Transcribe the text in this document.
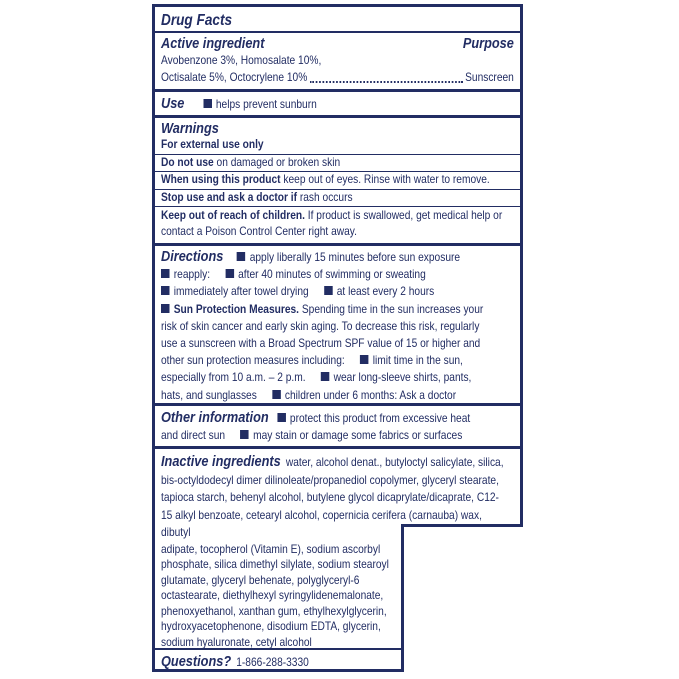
Drug Facts
Active ingredient	Purpose
Avobenzone 3%, Homosalate 10%,
Octisalate 5%, Octocrylene 10%	Sunscreen
Use	helps prevent sunburn
Warnings
For external use only
Do not use on damaged or broken skin
When using this product keep out of eyes. Rinse with water to remove.
Stop use and ask a doctor if rash occurs
Keep out of reach of children. If product is swallowed, get medical help or contact a Poison Control Center right away.
Directions apply liberally 15 minutes before sun exposure
reapply: after 40 minutes of swimming or sweating
immediately after towel drying at least every 2 hours
Sun Protection Measures. Spending time in the sun increases your
risk of skin cancer and early skin aging. To decrease this risk, regularly
use a sunscreen with a Broad Spectrum SPF value of 15 or higher and
other sun protection measures including: limit time in the sun,
especially from 10 a.m. – 2 p.m. wear long-sleeve shirts, pants,
hats, and sunglasses children under 6 months: Ask a doctor
Other information protect this product from excessive heat
and direct sun may stain or damage some fabrics or surfaces
Inactive ingredients water, alcohol denat., butyloctyl salicylate, silica, bis-octyldodecyl dimer dilinoleate/propanediol copolymer, glyceryl stearate, tapioca starch, behenyl alcohol, butylene glycol dicaprylate/dicaprate, C12-15 alkyl benzoate, cetearyl alcohol, copernicia cerifera (carnauba) wax, dibutyl
adipate, tocopherol (Vitamin E), sodium ascorbyl phosphate, silica dimethyl silylate, sodium stearoyl glutamate, glyceryl behenate, polyglyceryl-6 octastearate, diethylhexyl syringylidenemalonate, phenoxyethanol, xanthan gum, ethylhexylglycerin, hydroxyacetophenone, disodium EDTA, glycerin, sodium hyaluronate, cetyl alcohol
Questions? 1-866-288-3330
